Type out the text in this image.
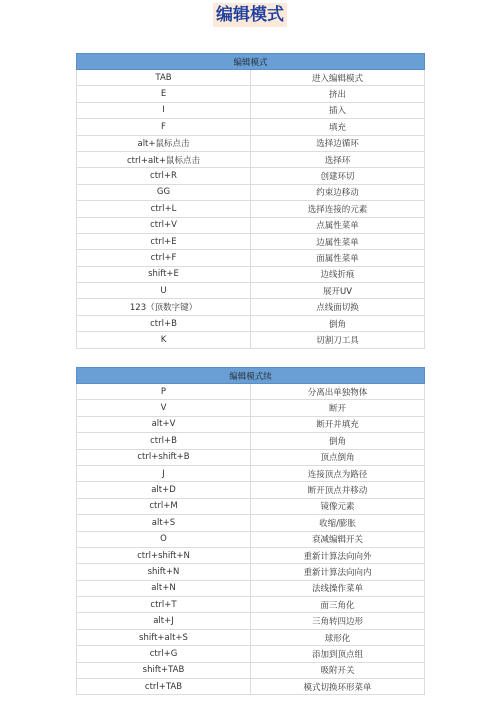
编辑模式
编辑模式	
TAB	进入编辑模式
E	挤出
I	插入
F	填充
alt+鼠标点击	选择边循环
ctrl+alt+鼠标点击	选择环
ctrl+R	创建环切
GG	约束边移动
ctrl+L	选择连接的元素
ctrl+V	点属性菜单
ctrl+E	边属性菜单
ctrl+F	面属性菜单
shift+E	边线折痕
U	展开UV
123（顶数字键）	点线面切换
ctrl+B	倒角
K	切割刀工具
编辑模式续	
P	分离出单独物体
V	断开
alt+V	断开并填充
ctrl+B	倒角
ctrl+shift+B	顶点倒角
J	连接顶点为路径
alt+D	断开顶点并移动
ctrl+M	镜像元素
alt+S	收缩/膨胀
O	衰减编辑开关
ctrl+shift+N	重新计算法向向外
shift+N	重新计算法向向内
alt+N	法线操作菜单
ctrl+T	面三角化
alt+J	三角转四边形
shift+alt+S	球形化
ctrl+G	添加到顶点组
shift+TAB	吸附开关
ctrl+TAB	模式切换环形菜单
